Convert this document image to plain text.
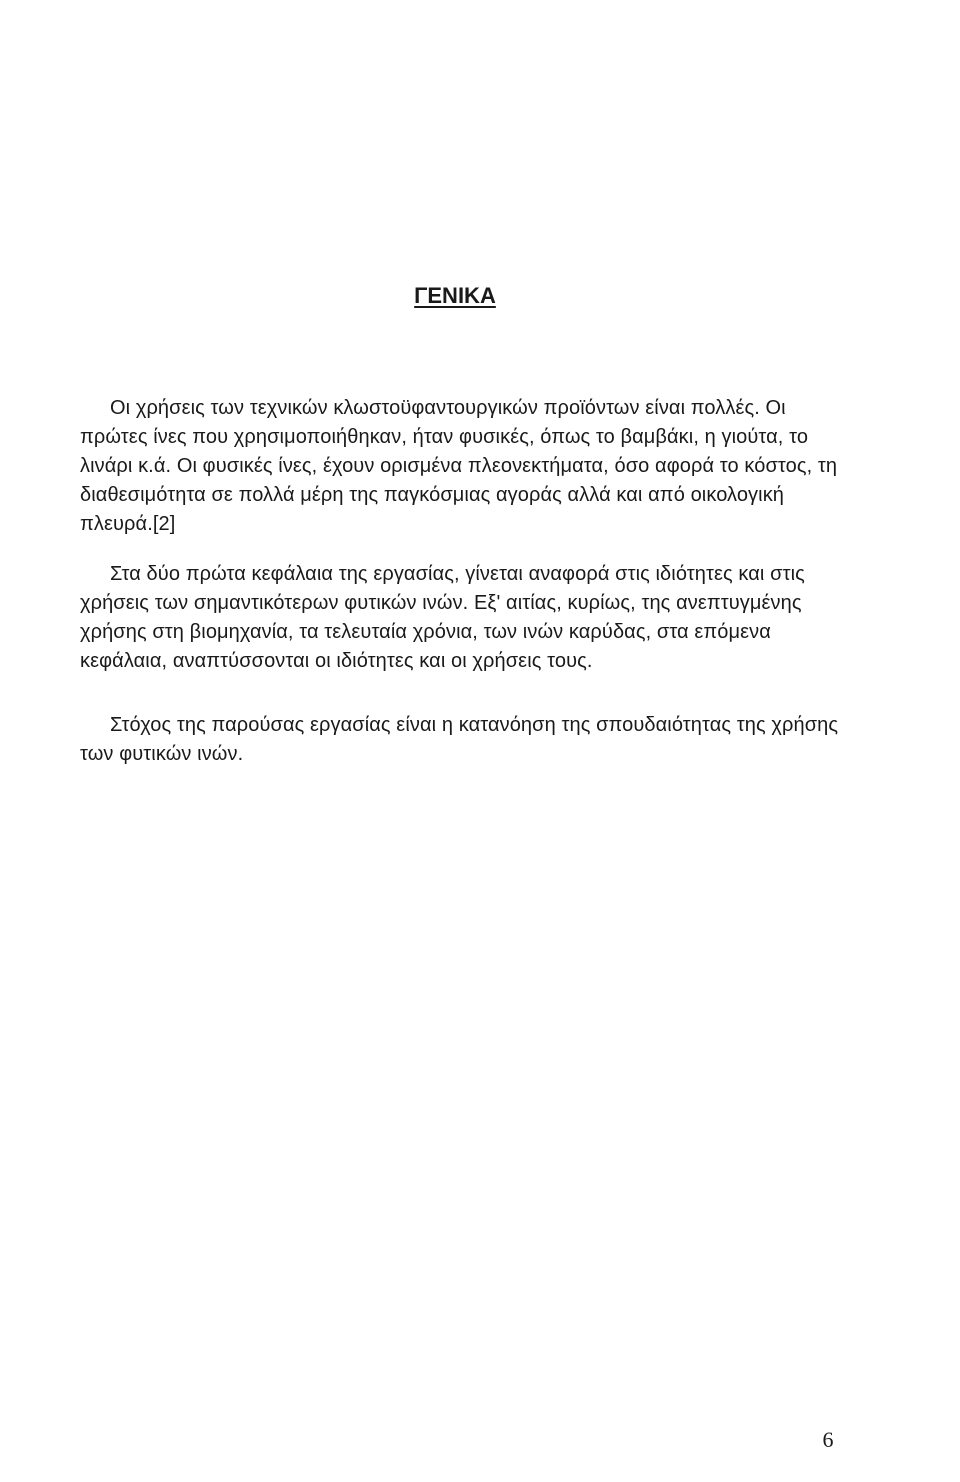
ΓΕΝΙΚΑ

Οι χρήσεις των τεχνικών κλωστοϋφαντουργικών προϊόντων είναι πολλές. Οι πρώτες ίνες που χρησιμοποιήθηκαν, ήταν φυσικές, όπως το βαμβάκι, η γιούτα, το λινάρι κ.ά. Οι φυσικές ίνες, έχουν ορισμένα πλεονεκτήματα, όσο αφορά το κόστος, τη διαθεσιμότητα σε πολλά μέρη της παγκόσμιας αγοράς αλλά και από οικολογική πλευρά.[2]

Στα δύο πρώτα κεφάλαια της εργασίας, γίνεται αναφορά στις ιδιότητες και στις χρήσεις των σημαντικότερων φυτικών ινών. Εξ' αιτίας, κυρίως, της ανεπτυγμένης χρήσης στη βιομηχανία, τα τελευταία χρόνια, των ινών καρύδας, στα επόμενα κεφάλαια, αναπτύσσονται οι ιδιότητες και οι χρήσεις τους.

Στόχος της παρούσας εργασίας είναι η κατανόηση της σπουδαιότητας της χρήσης των φυτικών ινών.

6
